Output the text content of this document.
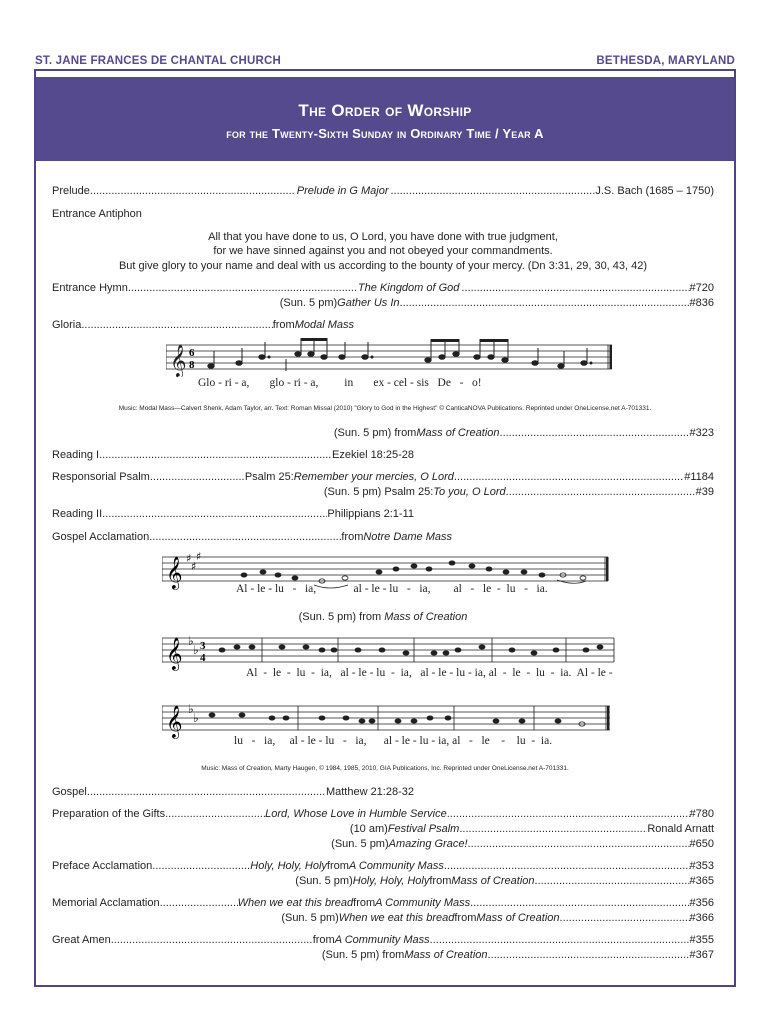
ST. JANE FRANCES DE CHANTAL CHURCH	BETHESDA, MARYLAND
The Order of Worship
for the Twenty-Sixth Sunday in Ordinary Time / Year A
Prelude .....	Prelude in G Major .....	J.S. Bach (1685 – 1750)
Entrance Antiphon
All that you have done to us, O Lord, you have done with true judgment,
for we have sinned against you and not obeyed your commandments.
But give glory to your name and deal with us according to the bounty of your mercy. (Dn 3:31, 29, 30, 43, 42)
Entrance Hymn .....	The Kingdom of God .....	#720
(Sun. 5 pm) Gather Us In .....	#836
Gloria .....	from Modal Mass
𝄞 6
8
Glo - ri - a,       glo - ri - a,         in       ex - cel - sis   De   -   o!
Music: Modal Mass—Calvert Shenk, Adam Taylor, arr. Text: Roman Missal (2010) "Glory to God in the Highest" © CanticaNOVA Publications. Reprinted under OneLicense.net A-701331.
(Sun. 5 pm) from Mass of Creation .....	#323
Reading I .....	Ezekiel 18:25-28
Responsorial Psalm .....	Psalm 25: Remember your mercies, O Lord .....	#1184
(Sun. 5 pm) Psalm 25: To you, O Lord .....	#39
Reading II .....	Philippians 2:1-11
Gospel Acclamation .....	from Notre Dame Mass
𝄞 ♯
♯
♯
Al - le - lu   -   ia,             al - le - lu   -   ia,        al   -   le  -  lu   -   ia.
(Sun. 5 pm) from Mass of Creation
𝄞 ♭
♭ 3
4
Al  -  le  -  lu  -  ia,   al - le - lu  -  ia,   al - le - lu - ia, al  -  le  -  lu  -  ia.  Al - le -
𝄞 ♭
♭
lu   -   ia,     al - le - lu   -   ia,      al - le - lu - ia, al   -   le    -    lu  -  ia.
Music: Mass of Creation, Marty Haugen, © 1984, 1985, 2010, GIA Publications, Inc. Reprinted under OneLicense.net A-701331.
Gospel .....	Matthew 21:28-32
Preparation of the Gifts .....	Lord, Whose Love in Humble Service .....	#780
(10 am) Festival Psalm .....	Ronald Arnatt
(Sun. 5 pm) Amazing Grace! .....	#650
Preface Acclamation .....	Holy, Holy, Holy from A Community Mass .....	#353
(Sun. 5 pm) Holy, Holy, Holy from Mass of Creation .....	#365
Memorial Acclamation .....	When we eat this bread from A Community Mass .....	#356
(Sun. 5 pm) When we eat this bread from Mass of Creation .....	#366
Great Amen .....	from A Community Mass .....	#355
(Sun. 5 pm) from Mass of Creation .....	#367
